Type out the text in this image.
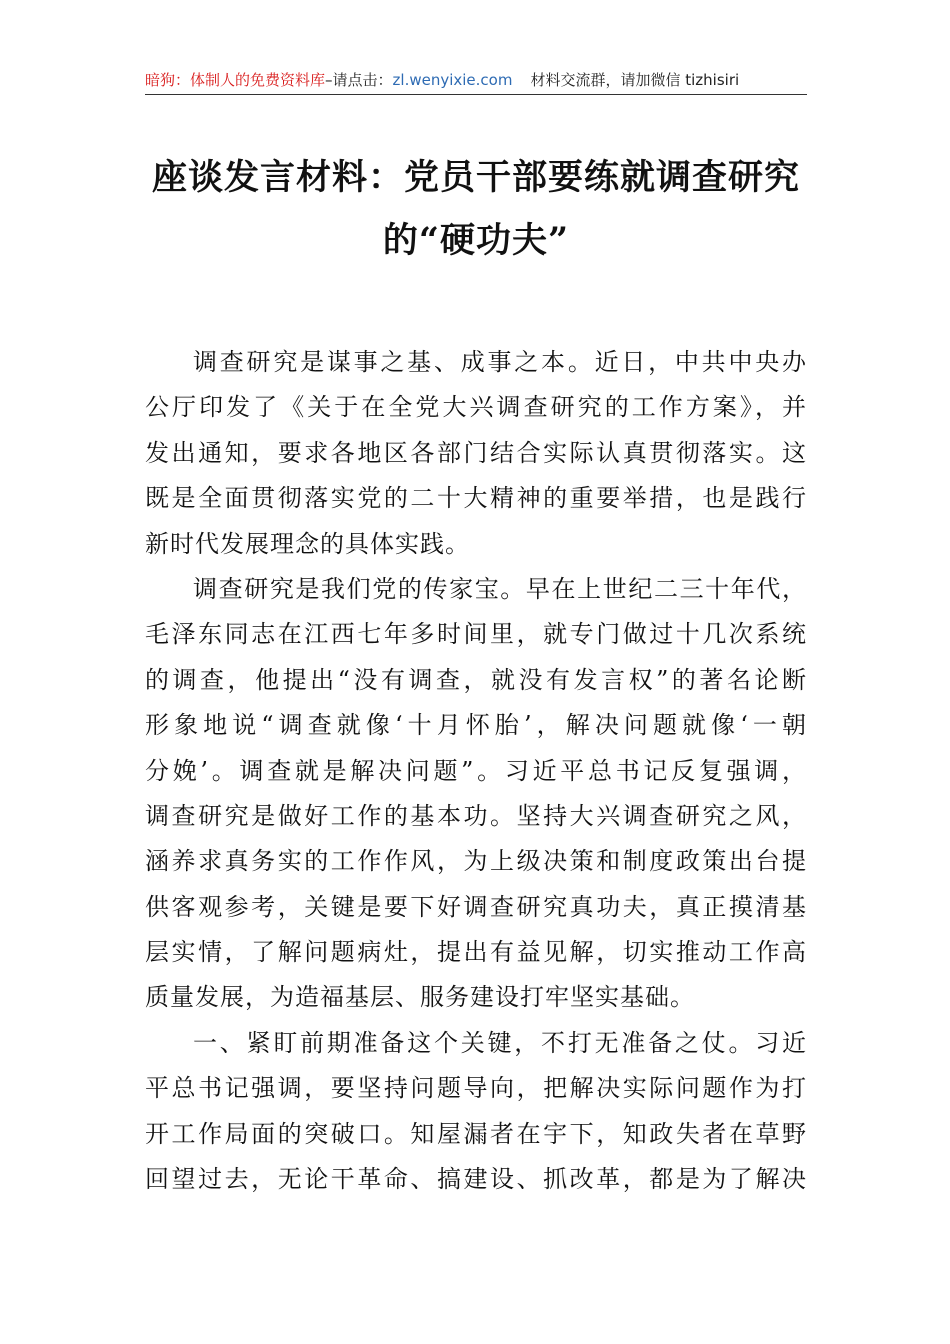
暗狗：体制人的免费资料库–请点击：zl.wenyixie.com 材料交流群，请加微信 tizhisiri
座谈发言材料：党员干部要练就调查研究
的“硬功夫”
调查研究是谋事之基、成事之本。近日，中共中央办
公厅印发了《关于在全党大兴调查研究的工作方案》，并
发出通知，要求各地区各部门结合实际认真贯彻落实。这
既是全面贯彻落实党的二十大精神的重要举措，也是践行
新时代发展理念的具体实践。
调查研究是我们党的传家宝。早在上世纪二三十年代，
毛泽东同志在江西七年多时间里，就专门做过十几次系统
的调查，他提出“没有调查，就没有发言权”的著名论断
形象地说“调查就像‘十月怀胎’，解决问题就像‘一朝
分娩’。调查就是解决问题”。习近平总书记反复强调，
调查研究是做好工作的基本功。坚持大兴调查研究之风，
涵养求真务实的工作作风，为上级决策和制度政策出台提
供客观参考，关键是要下好调查研究真功夫，真正摸清基
层实情，了解问题病灶，提出有益见解，切实推动工作高
质量发展，为造福基层、服务建设打牢坚实基础。
一、紧盯前期准备这个关键，不打无准备之仗。习近
平总书记强调，要坚持问题导向，把解决实际问题作为打
开工作局面的突破口。知屋漏者在宇下，知政失者在草野
回望过去，无论干革命、搞建设、抓改革，都是为了解决
